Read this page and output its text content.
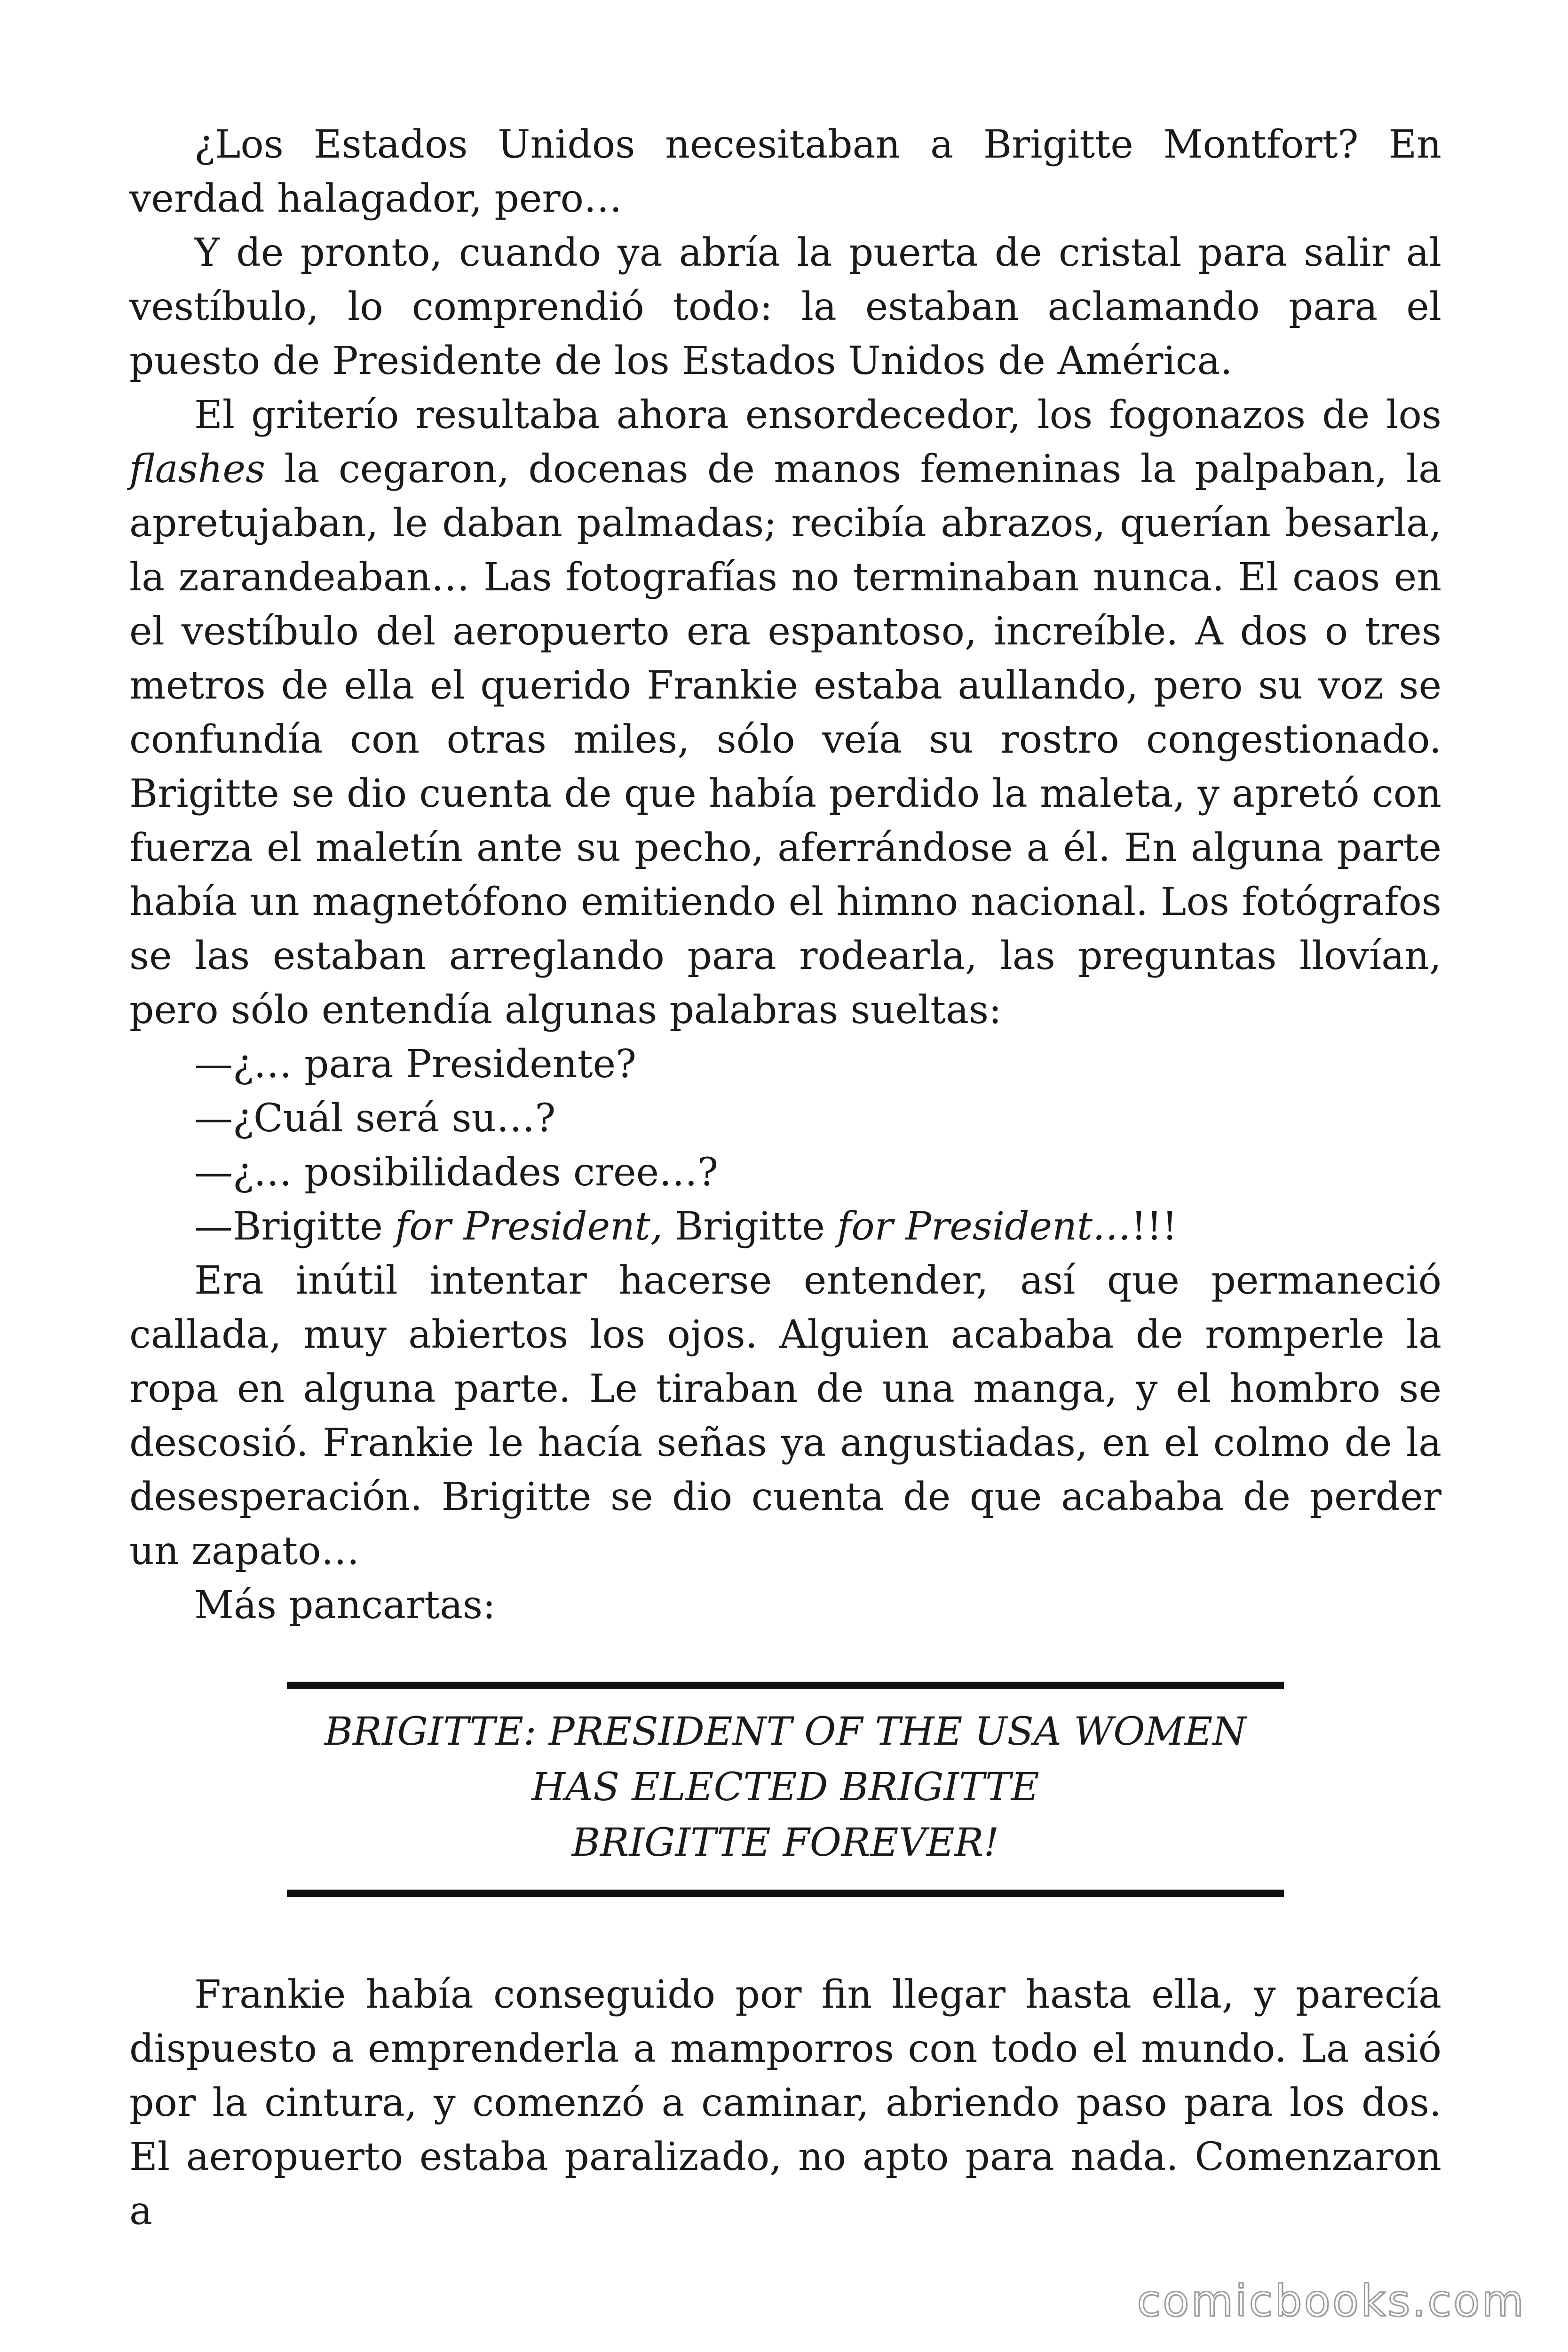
¿Los Estados Unidos necesitaban a Brigitte Montfort? En verdad halagador, pero…

Y de pronto, cuando ya abría la puerta de cristal para salir al vestíbulo, lo comprendió todo: la estaban aclamando para el puesto de Presidente de los Estados Unidos de América.

El griterío resultaba ahora ensordecedor, los fogonazos de los flashes la cegaron, docenas de manos femeninas la palpaban, la apretujaban, le daban palmadas; recibía abrazos, querían besarla, la zarandeaban… Las fotografías no terminaban nunca. El caos en el vestíbulo del aeropuerto era espantoso, increíble. A dos o tres metros de ella el querido Frankie estaba aullando, pero su voz se confundía con otras miles, sólo veía su rostro congestionado. Brigitte se dio cuenta de que había perdido la maleta, y apretó con fuerza el maletín ante su pecho, aferrándose a él. En alguna parte había un magnetófono emitiendo el himno nacional. Los fotógrafos se las estaban arreglando para rodearla, las preguntas llovían, pero sólo entendía algunas palabras sueltas:

—¿… para Presidente?

—¿Cuál será su…?

—¿… posibilidades cree…?

—Brigitte for President, Brigitte for President…!!!

Era inútil intentar hacerse entender, así que permaneció callada, muy abiertos los ojos. Alguien acababa de romperle la ropa en alguna parte. Le tiraban de una manga, y el hombro se descosió. Frankie le hacía señas ya angustiadas, en el colmo de la desesperación. Brigitte se dio cuenta de que acababa de perder un zapato…

Más pancartas:

BRIGITTE: PRESIDENT OF THE USA WOMEN
HAS ELECTED BRIGITTE
BRIGITTE FOREVER!

Frankie había conseguido por fin llegar hasta ella, y parecía dispuesto a emprenderla a mamporros con todo el mundo. La asió por la cintura, y comenzó a caminar, abriendo paso para los dos. El aeropuerto estaba paralizado, no apto para nada. Comenzaron a

comicbooks.com
